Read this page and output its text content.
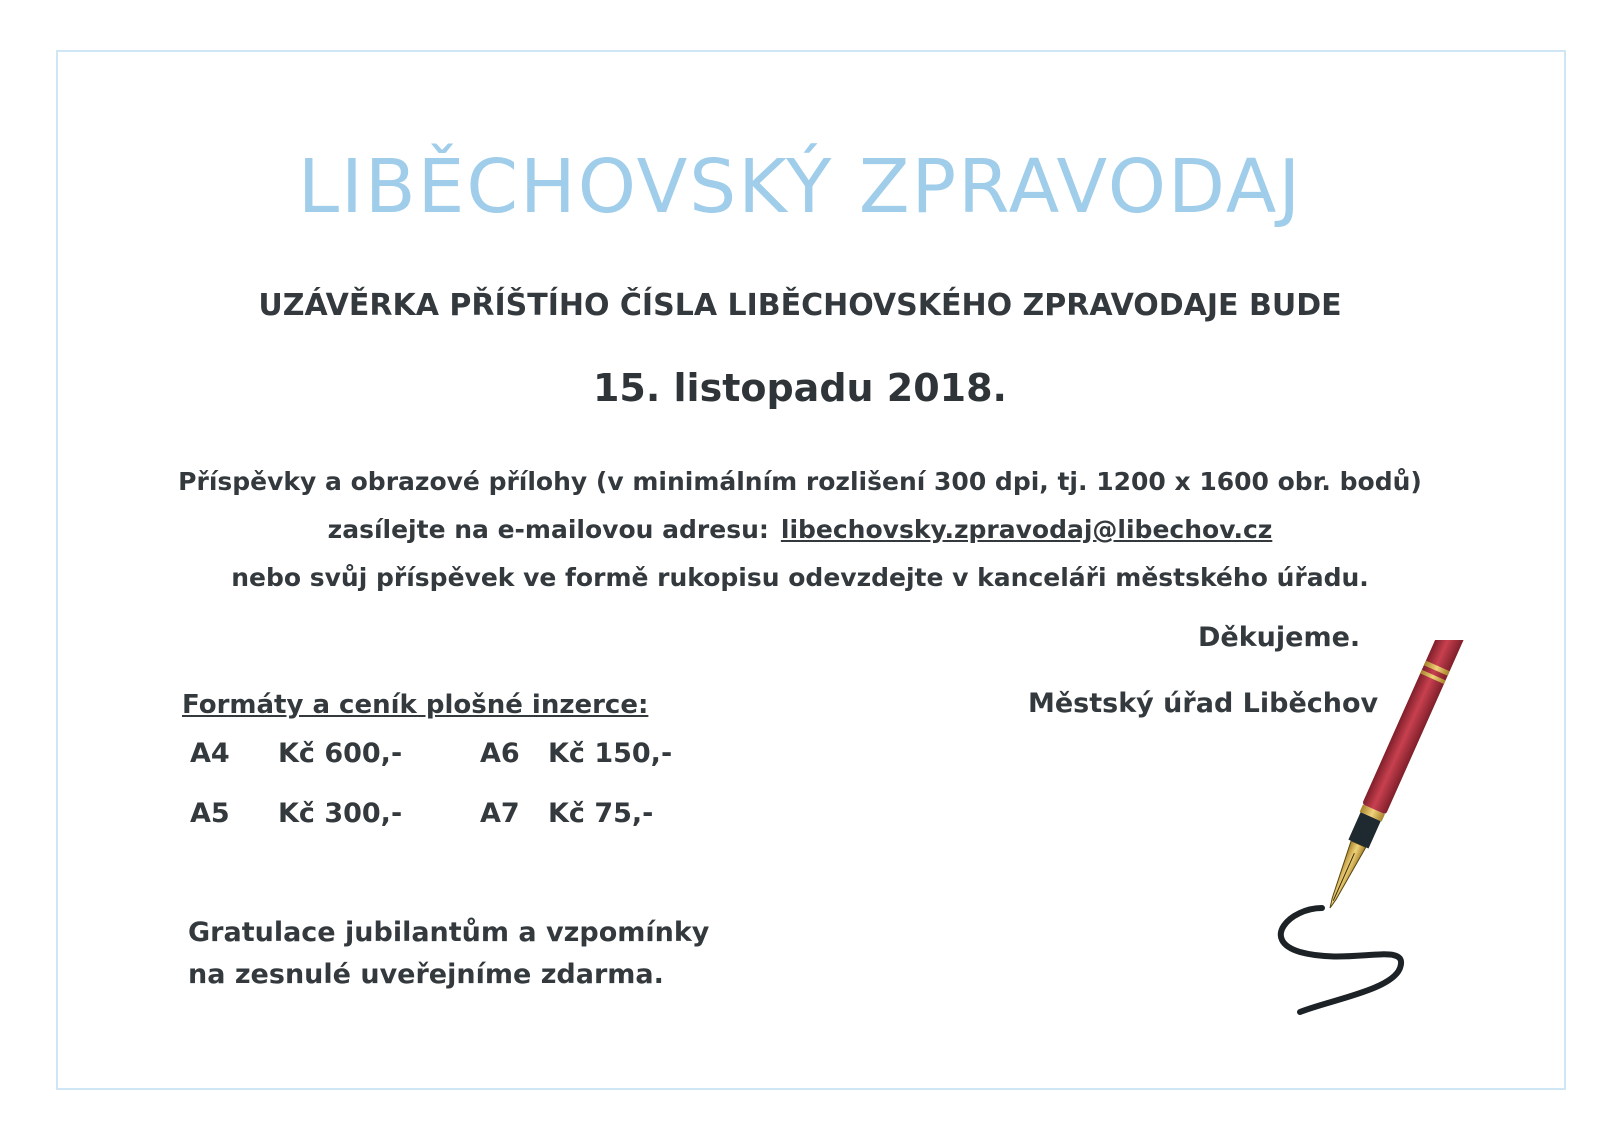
LIBĚCHOVSKÝ ZPRAVODAJ
UZÁVĚRKA PŘÍŠTÍHO ČÍSLA LIBĚCHOVSKÉHO ZPRAVODAJE BUDE
15. listopadu 2018.
Příspěvky a obrazové přílohy (v minimálním rozlišení 300 dpi, tj. 1200 x 1600 obr. bodů)
zasílejte na e-mailovou adresu: libechovsky.zpravodaj@libechov.cz
nebo svůj příspěvek ve formě rukopisu odevzdejte v kanceláři městského úřadu.
Děkujeme.
Městský úřad Liběchov
Formáty a ceník plošné inzerce:
A4 Kč 600,-
A5 Kč 300,-
A6 Kč 150,-
A7 Kč 75,-
Gratulace jubilantům a vzpomínky
na zesnulé uveřejníme zdarma.
